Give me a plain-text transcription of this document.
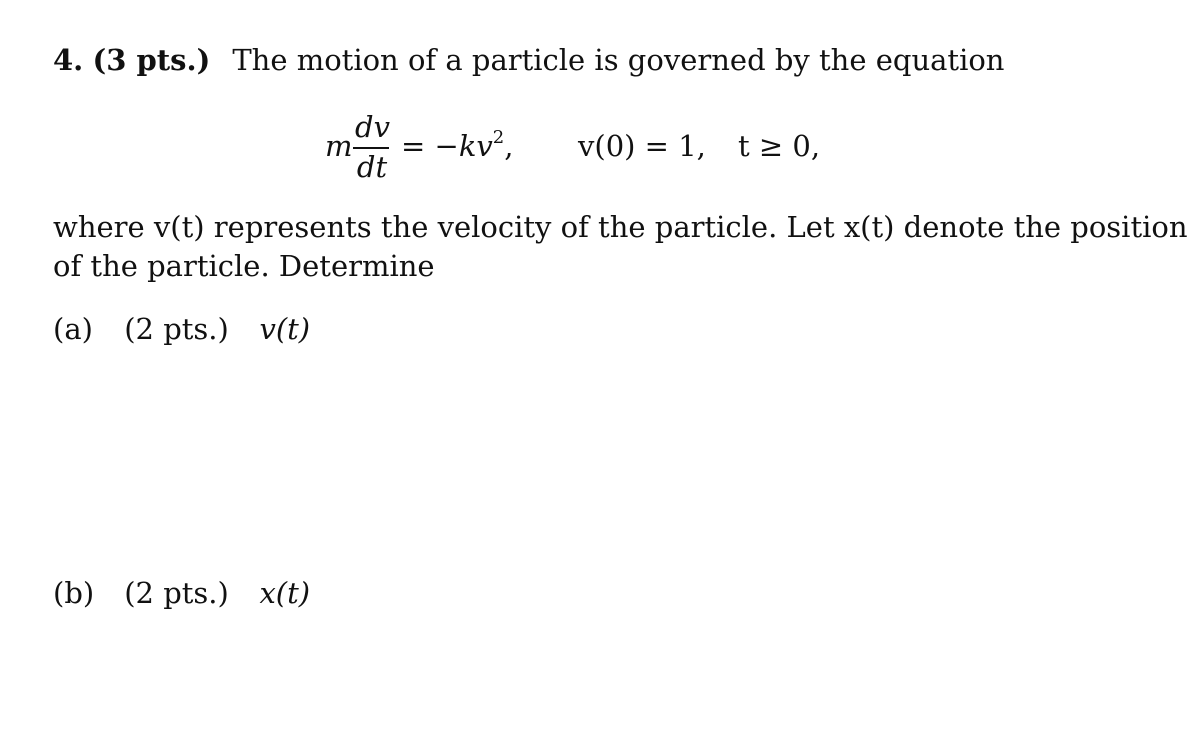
4. (3 pts.) The motion of a particle is governed by the equation
m
dv
dt
= $-kv^2$, v(0) = 1, t ≥ 0,
where v(t) represents the velocity of the particle. Let x(t) denote the position
of the particle. Determine
(a) (2 pts.) v(t)
(b) (2 pts.) x(t)
